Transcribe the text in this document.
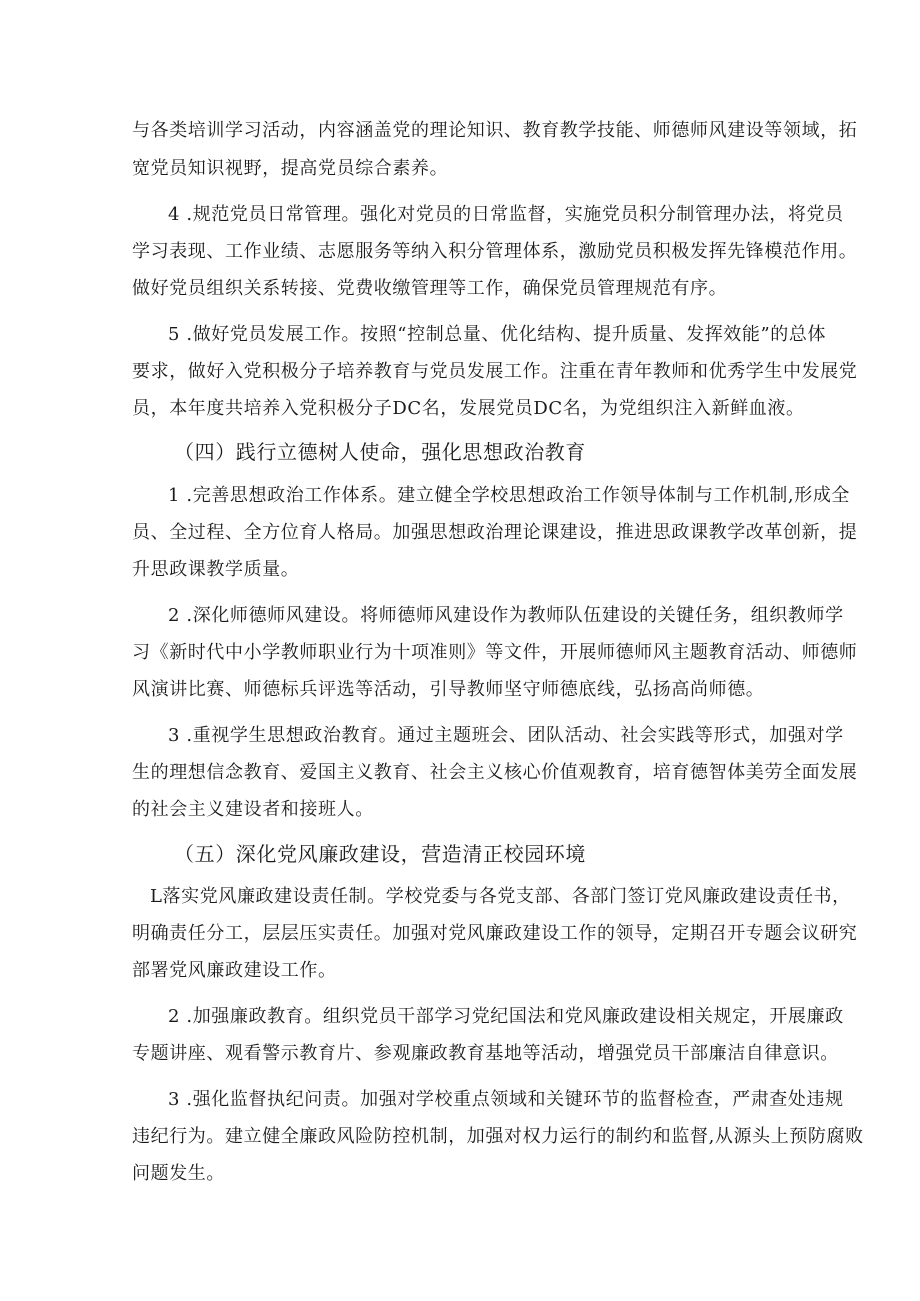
与各类培训学习活动，内容涵盖党的理论知识、教育教学技能、师德师风建设等领域，拓
宽党员知识视野，提高党员综合素养。
4 .规范党员日常管理。强化对党员的日常监督，实施党员积分制管理办法，将党员
学习表现、工作业绩、志愿服务等纳入积分管理体系，激励党员积极发挥先锋模范作用。
做好党员组织关系转接、党费收缴管理等工作，确保党员管理规范有序。
5 .做好党员发展工作。按照“控制总量、优化结构、提升质量、发挥效能”的总体
要求，做好入党积极分子培养教育与党员发展工作。注重在青年教师和优秀学生中发展党
员，本年度共培养入党积极分子DC名，发展党员DC名，为党组织注入新鲜血液。
（四）践行立德树人使命，强化思想政治教育
1 .完善思想政治工作体系。建立健全学校思想政治工作领导体制与工作机制,形成全
员、全过程、全方位育人格局。加强思想政治理论课建设，推进思政课教学改革创新，提
升思政课教学质量。
2 .深化师德师风建设。将师德师风建设作为教师队伍建设的关键任务，组织教师学
习《新时代中小学教师职业行为十项准则》等文件，开展师德师风主题教育活动、师德师
风演讲比赛、师德标兵评选等活动，引导教师坚守师德底线，弘扬高尚师德。
3 .重视学生思想政治教育。通过主题班会、团队活动、社会实践等形式，加强对学
生的理想信念教育、爱国主义教育、社会主义核心价值观教育，培育德智体美劳全面发展
的社会主义建设者和接班人。
（五）深化党风廉政建设，营造清正校园环境
L落实党风廉政建设责任制。学校党委与各党支部、各部门签订党风廉政建设责任书，
明确责任分工，层层压实责任。加强对党风廉政建设工作的领导，定期召开专题会议研究
部署党风廉政建设工作。
2 .加强廉政教育。组织党员干部学习党纪国法和党风廉政建设相关规定，开展廉政
专题讲座、观看警示教育片、参观廉政教育基地等活动，增强党员干部廉洁自律意识。
3 .强化监督执纪问责。加强对学校重点领域和关键环节的监督检查，严肃查处违规
违纪行为。建立健全廉政风险防控机制，加强对权力运行的制约和监督,从源头上预防腐败
问题发生。
